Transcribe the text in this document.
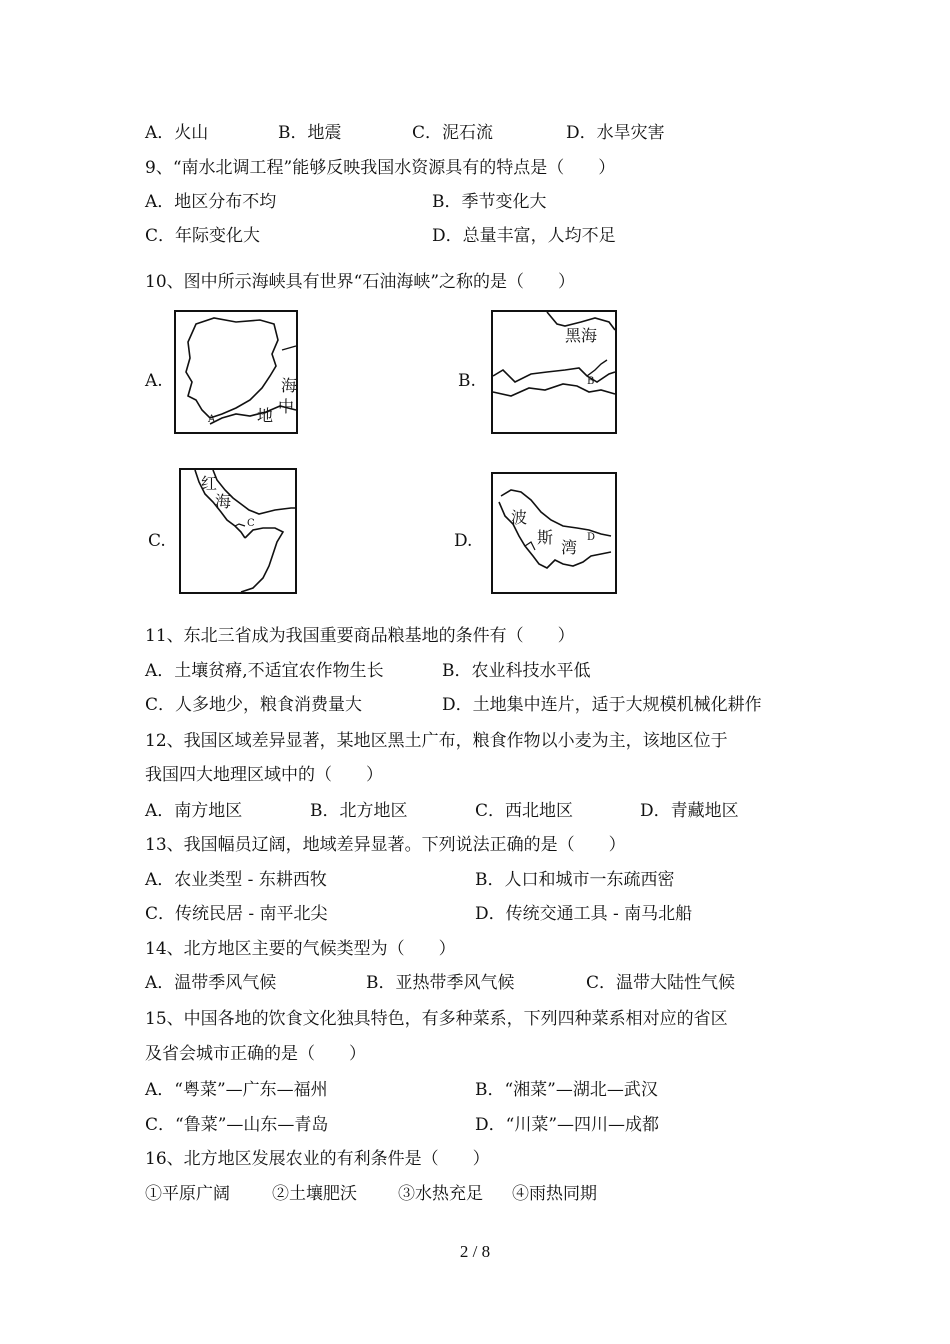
A．火山	B．地震	C．泥石流	D．水旱灾害
9、“南水北调工程”能够反映我国水资源具有的特点是（　　）
A．地区分布不均	B．季节变化大
C．年际变化大	D．总量丰富，人均不足
10、图中所示海峡具有世界“石油海峡”之称的是（　　）
A.	海
中
地
A
B.
黑海
B
C.
红
海
C
D.
波
斯
湾
D
11、东北三省成为我国重要商品粮基地的条件有（　　）
A．土壤贫瘠,不适宜农作物生长	B．农业科技水平低
C．人多地少，粮食消费量大	D．土地集中连片，适于大规模机械化耕作
12、我国区域差异显著，某地区黑土广布，粮食作物以小麦为主，该地区位于
我国四大地理区域中的（　　）
A．南方地区	B．北方地区	C．西北地区	D．青藏地区
13、我国幅员辽阔，地域差异显著。下列说法正确的是（　　）
A．农业类型 - 东耕西牧	B．人口和城市一东疏西密
C．传统民居 - 南平北尖	D．传统交通工具 - 南马北船
14、北方地区主要的气候类型为（　　）
A．温带季风气候	B．亚热带季风气候	C．温带大陆性气候
15、中国各地的饮食文化独具特色，有多种菜系，下列四种菜系相对应的省区
及省会城市正确的是（　　）
A．“粤菜”—广东—福州	B．“湘菜”—湖北—武汉
C．“鲁菜”—山东—青岛	D．“川菜”—四川—成都
16、北方地区发展农业的有利条件是（　　）
①平原广阔 ②土壤肥沃 ③水热充足 ④雨热同期
2 / 8
